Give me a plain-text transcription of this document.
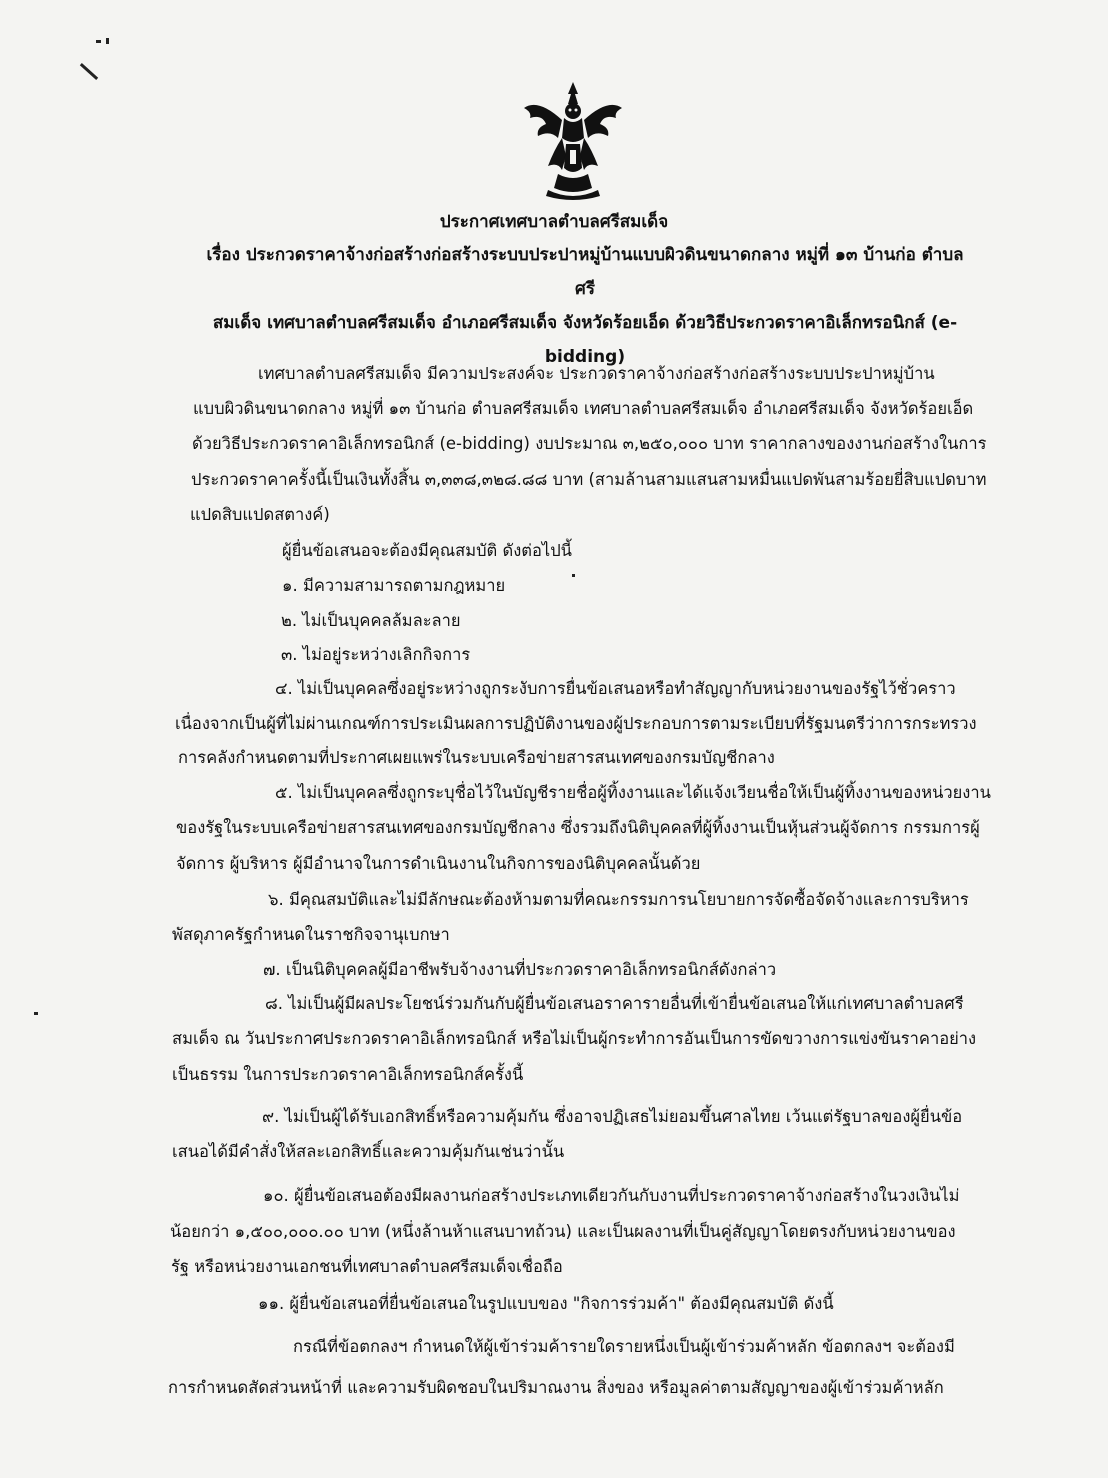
ประกาศเทศบาลตำบลศรีสมเด็จ
เรื่อง ประกวดราคาจ้างก่อสร้างก่อสร้างระบบประปาหมู่บ้านแบบผิวดินขนาดกลาง หมู่ที่ ๑๓ บ้านก่อ ตำบลศรี
สมเด็จ เทศบาลตำบลศรีสมเด็จ อำเภอศรีสมเด็จ จังหวัดร้อยเอ็ด ด้วยวิธีประกวดราคาอิเล็กทรอนิกส์ (e-
bidding)
เทศบาลตำบลศรีสมเด็จ มีความประสงค์จะ ประกวดราคาจ้างก่อสร้างก่อสร้างระบบประปาหมู่บ้าน
แบบผิวดินขนาดกลาง หมู่ที่ ๑๓ บ้านก่อ ตำบลศรีสมเด็จ เทศบาลตำบลศรีสมเด็จ อำเภอศรีสมเด็จ จังหวัดร้อยเอ็ด
ด้วยวิธีประกวดราคาอิเล็กทรอนิกส์ (e-bidding) งบประมาณ ๓,๒๕๐,๐๐๐ บาท ราคากลางของงานก่อสร้างในการ
ประกวดราคาครั้งนี้เป็นเงินทั้งสิ้น ๓,๓๓๘,๓๒๘.๘๘ บาท (สามล้านสามแสนสามหมื่นแปดพันสามร้อยยี่สิบแปดบาท
แปดสิบแปดสตางค์)
ผู้ยื่นข้อเสนอจะต้องมีคุณสมบัติ ดังต่อไปนี้
๑. มีความสามารถตามกฎหมาย
๒. ไม่เป็นบุคคลล้มละลาย
๓. ไม่อยู่ระหว่างเลิกกิจการ
๔. ไม่เป็นบุคคลซึ่งอยู่ระหว่างถูกระงับการยื่นข้อเสนอหรือทำสัญญากับหน่วยงานของรัฐไว้ชั่วคราว
เนื่องจากเป็นผู้ที่ไม่ผ่านเกณฑ์การประเมินผลการปฏิบัติงานของผู้ประกอบการตามระเบียบที่รัฐมนตรีว่าการกระทรวง
การคลังกำหนดตามที่ประกาศเผยแพร่ในระบบเครือข่ายสารสนเทศของกรมบัญชีกลาง
๕. ไม่เป็นบุคคลซึ่งถูกระบุชื่อไว้ในบัญชีรายชื่อผู้ทิ้งงานและได้แจ้งเวียนชื่อให้เป็นผู้ทิ้งงานของหน่วยงาน
ของรัฐในระบบเครือข่ายสารสนเทศของกรมบัญชีกลาง ซึ่งรวมถึงนิติบุคคลที่ผู้ทิ้งงานเป็นหุ้นส่วนผู้จัดการ กรรมการผู้
จัดการ ผู้บริหาร ผู้มีอำนาจในการดำเนินงานในกิจการของนิติบุคคลนั้นด้วย
๖. มีคุณสมบัติและไม่มีลักษณะต้องห้ามตามที่คณะกรรมการนโยบายการจัดซื้อจัดจ้างและการบริหาร
พัสดุภาครัฐกำหนดในราชกิจจานุเบกษา
๗. เป็นนิติบุคคลผู้มีอาชีพรับจ้างงานที่ประกวดราคาอิเล็กทรอนิกส์ดังกล่าว
๘. ไม่เป็นผู้มีผลประโยชน์ร่วมกันกับผู้ยื่นข้อเสนอราคารายอื่นที่เข้ายื่นข้อเสนอให้แก่เทศบาลตำบลศรี
สมเด็จ ณ วันประกาศประกวดราคาอิเล็กทรอนิกส์ หรือไม่เป็นผู้กระทำการอันเป็นการขัดขวางการแข่งขันราคาอย่าง
เป็นธรรม ในการประกวดราคาอิเล็กทรอนิกส์ครั้งนี้
๙. ไม่เป็นผู้ได้รับเอกสิทธิ์หรือความคุ้มกัน ซึ่งอาจปฏิเสธไม่ยอมขึ้นศาลไทย เว้นแต่รัฐบาลของผู้ยื่นข้อ
เสนอได้มีคำสั่งให้สละเอกสิทธิ์และความคุ้มกันเช่นว่านั้น
๑๐. ผู้ยื่นข้อเสนอต้องมีผลงานก่อสร้างประเภทเดียวกันกับงานที่ประกวดราคาจ้างก่อสร้างในวงเงินไม่
น้อยกว่า ๑,๕๐๐,๐๐๐.๐๐ บาท (หนึ่งล้านห้าแสนบาทถ้วน) และเป็นผลงานที่เป็นคู่สัญญาโดยตรงกับหน่วยงานของ
รัฐ หรือหน่วยงานเอกชนที่เทศบาลตำบลศรีสมเด็จเชื่อถือ
๑๑. ผู้ยื่นข้อเสนอที่ยื่นข้อเสนอในรูปแบบของ "กิจการร่วมค้า" ต้องมีคุณสมบัติ ดังนี้
กรณีที่ข้อตกลงฯ กำหนดให้ผู้เข้าร่วมค้ารายใดรายหนึ่งเป็นผู้เข้าร่วมค้าหลัก ข้อตกลงฯ จะต้องมี
การกำหนดสัดส่วนหน้าที่ และความรับผิดชอบในปริมาณงาน สิ่งของ หรือมูลค่าตามสัญญาของผู้เข้าร่วมค้าหลัก
